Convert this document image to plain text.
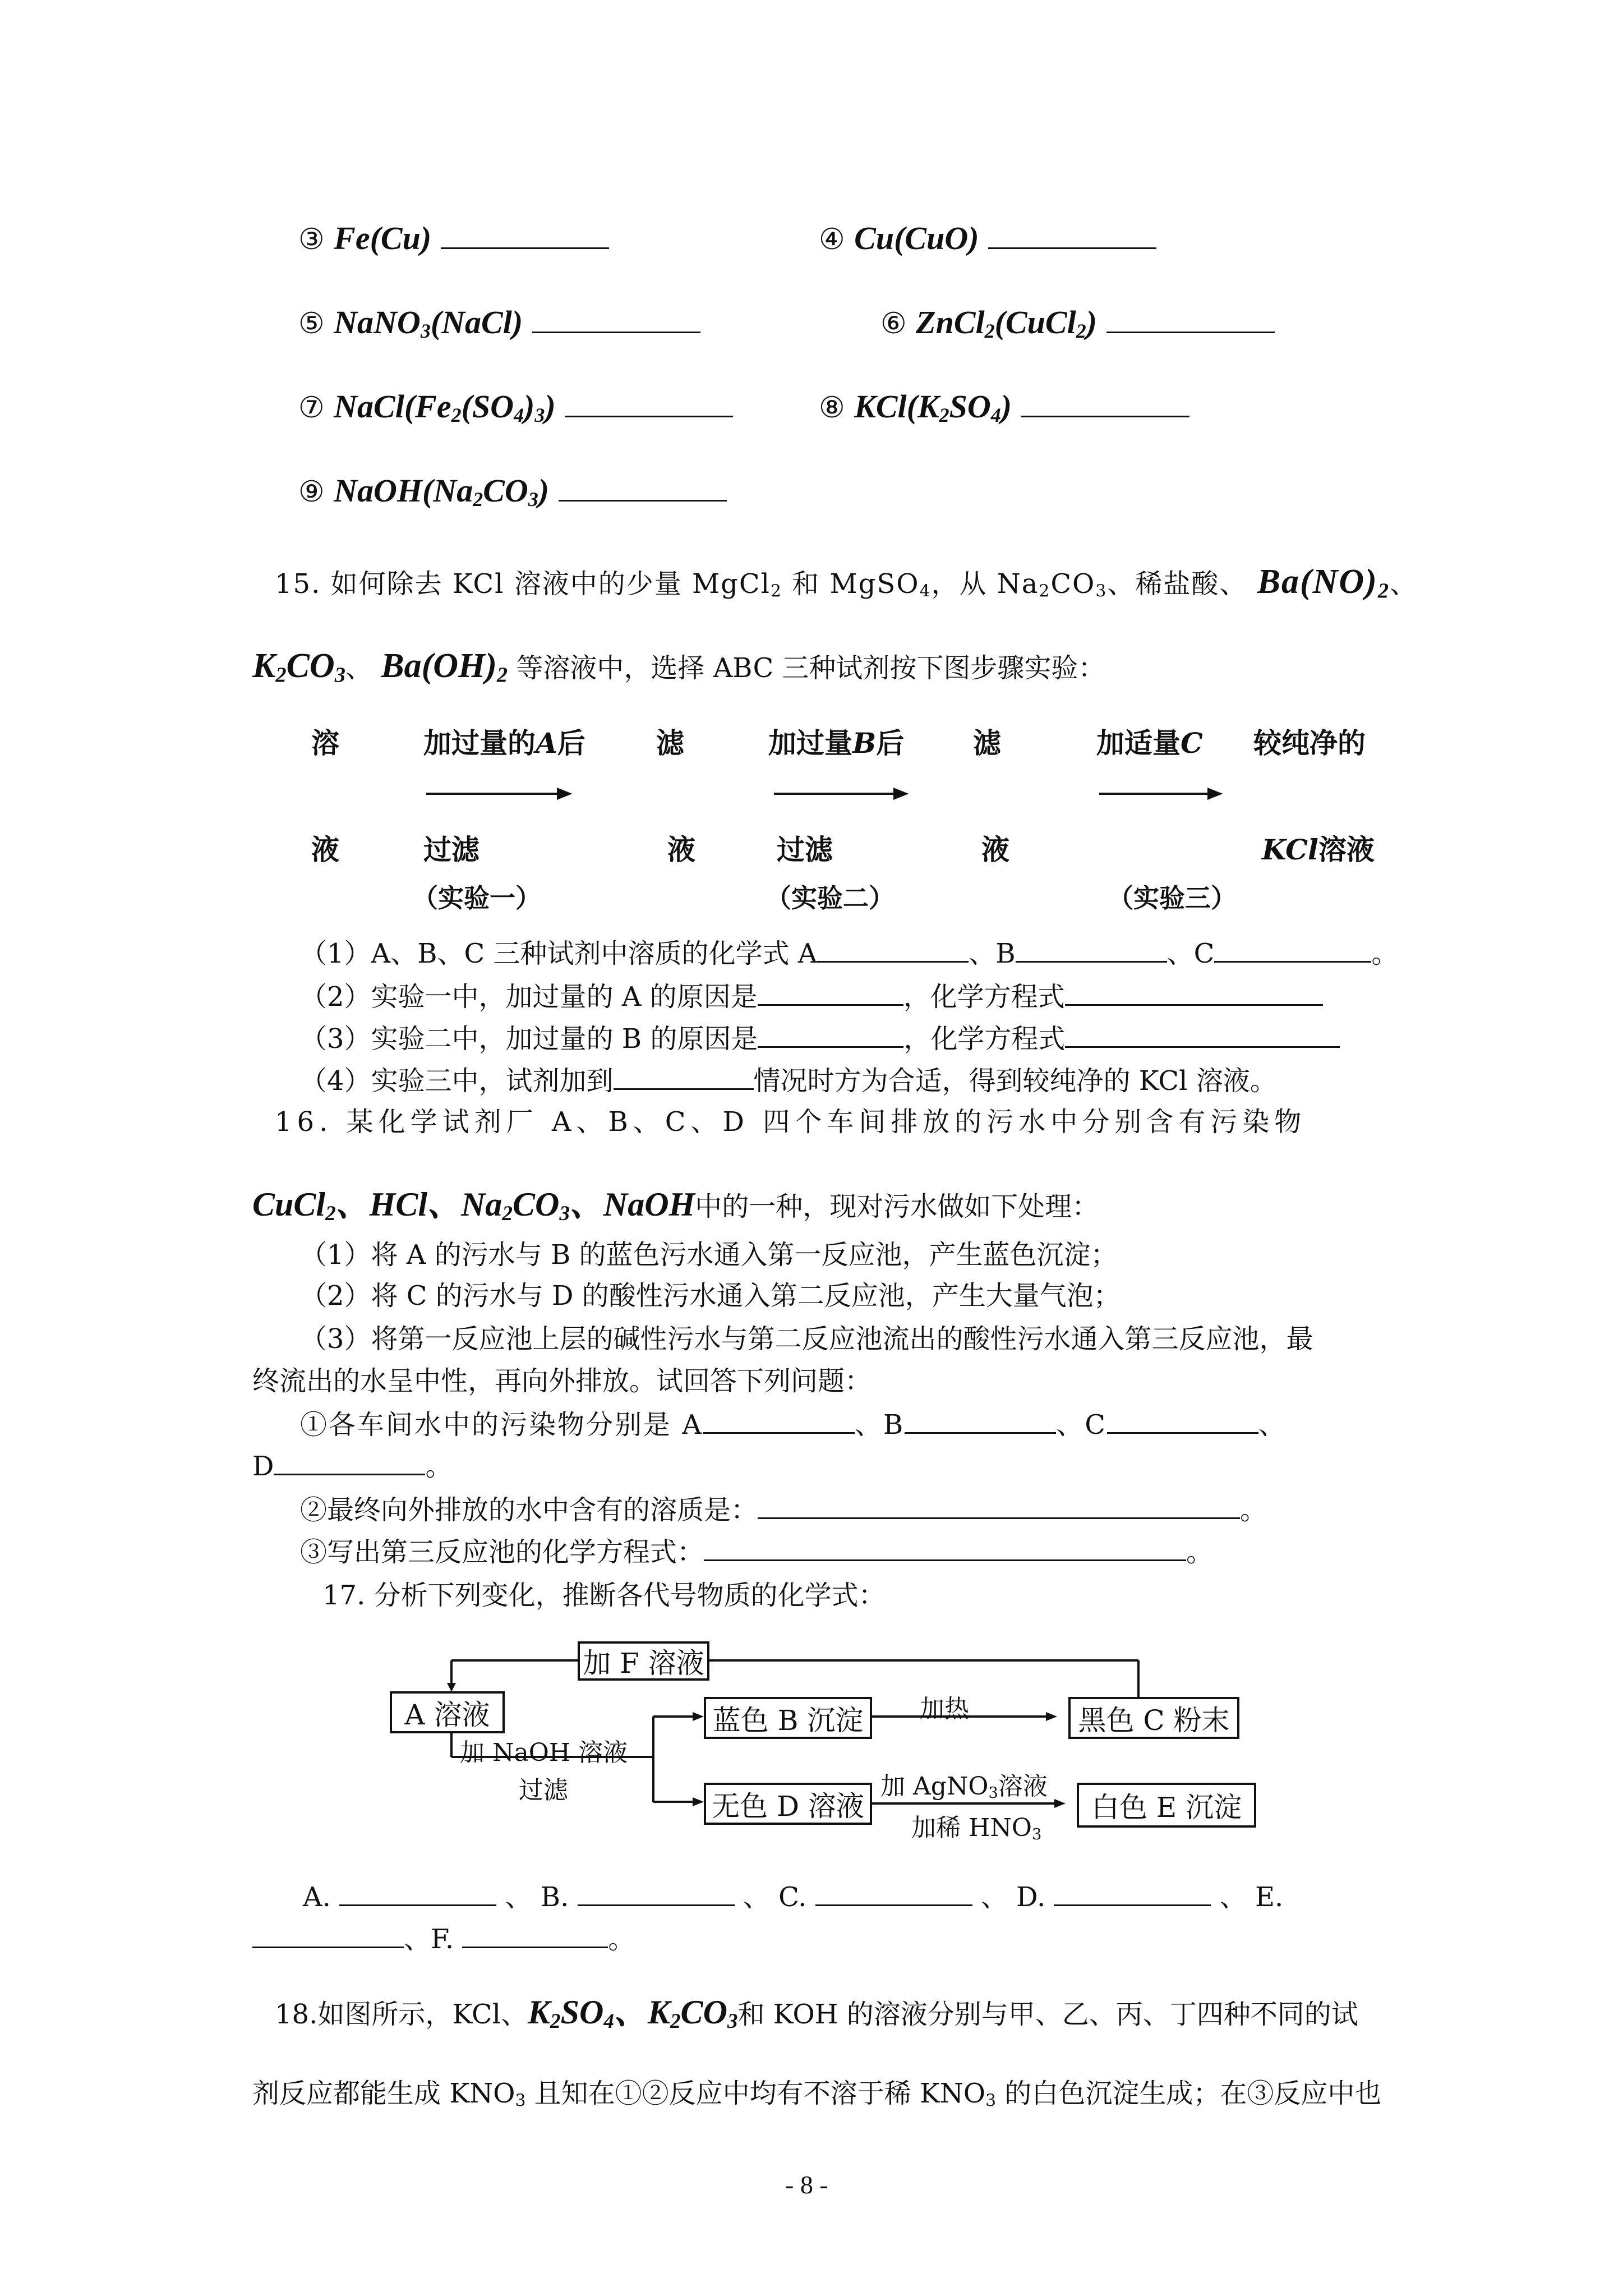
③ Fe(Cu)	④ Cu(CuO)
⑤ NaNO$_3$(NaCl)	⑥ ZnCl$_2$(CuCl$_2$)
⑦ $NaCl(Fe_2(SO_4)_3)$	⑧ $KCl(K_2SO_4)$
⑨ $NaOH(Na_2CO_3)$
15. 如何除去 KCl 溶液中的少量 MgCl$_2$ 和 MgSO$_4$，从 $Na_2CO_3$、稀盐酸、 $Ba(NO)_2$、
$K_2CO_3$、 $Ba(OH)_2$ 等溶液中，选择 ABC 三种试剂按下图步骤实验：
溶	加过量的A后	滤	加过量B后 滤	加适量C 较纯净的
液	过滤	液	过滤	液	KCl溶液
（实验一）	（实验二）	（实验三）
（1）A、B、C 三种试剂中溶质的化学式 A	、B	、C	。
（2）实验一中，加过量的 A 的原因是	，化学方程式
（3）实验二中，加过量的 B 的原因是	，化学方程式
（4）实验三中，试剂加到	情况时方为合适，得到较纯净的 KCl 溶液。
16. 某化学试剂厂 A、B、C、D 四个车间排放的污水中分别含有污染物
CuCl$_2$、HCl、$Na_2CO_3$、NaOH中的一种，现对污水做如下处理：
（1）将 A 的污水与 B 的蓝色污水通入第一反应池，产生蓝色沉淀；
（2）将 C 的污水与 D 的酸性污水通入第二反应池，产生大量气泡；
（3）将第一反应池上层的碱性污水与第二反应池流出的酸性污水通入第三反应池，最
终流出的水呈中性，再向外排放。试回答下列问题：
①各车间水中的污染物分别是 A	、B	、C	、
D	。
②最终向外排放的水中含有的溶质是：	。
③写出第三反应池的化学方程式：	。
17. 分析下列变化，推断各代号物质的化学式：
加 F 溶液
A 溶液	蓝色 B 沉淀	黑色 C 粉末
无色 D 溶液	白色 E 沉淀
加 NaOH 溶液
过滤
加热
加 AgNO$_3$溶液
加稀 $HNO_3$
A.	、 B.	、 C.	、 D.	、 E.
、F.	。
18.如图所示，KCl、$K_2SO_4$、$K_2CO_3$和 KOH 的溶液分别与甲、乙、丙、丁四种不同的试
剂反应都能生成 $KNO_3$ 且知在①②反应中均有不溶于稀 $KNO_3$ 的白色沉淀生成；在③反应中也
- 8 -
